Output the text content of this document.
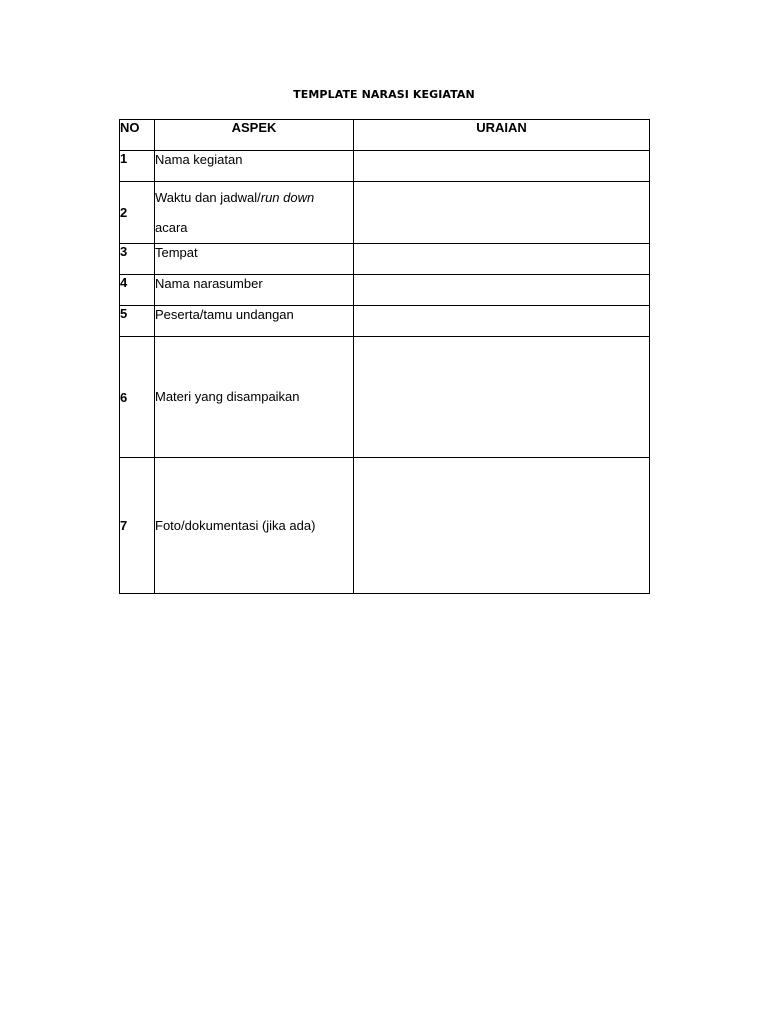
TEMPLATE NARASI KEGIATAN
NO	ASPEK	URAIAN
1	Nama kegiatan	

2	Waktu dan jadwal/run down
acara	

3	Tempat	

4	Nama narasumber	

5	Peserta/tamu undangan	

6	Materi yang disampaikan	

7	Foto/dokumentasi (jika ada)	
